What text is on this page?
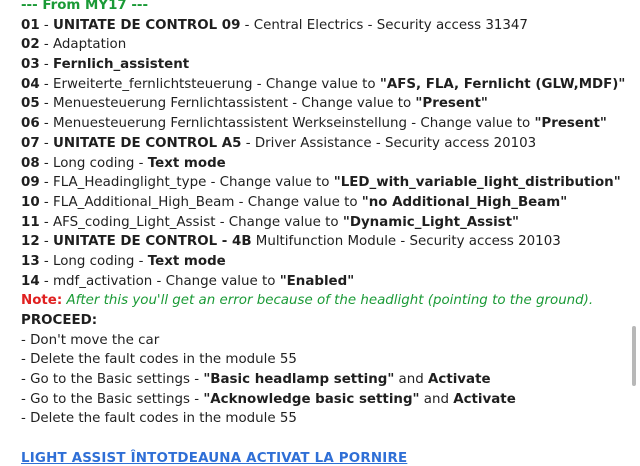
--- From MY17 ---
01 - UNITATE DE CONTROL 09 - Central Electrics - Security access 31347
02 - Adaptation
03 - Fernlich_assistent
04 - Erweiterte_fernlichtsteuerung - Change value to "AFS, FLA, Fernlicht (GLW,MDF)"
05 - Menuesteuerung Fernlichtassistent - Change value to "Present"
06 - Menuesteuerung Fernlichtassistent Werkseinstellung - Change value to "Present"
07 - UNITATE DE CONTROL A5 - Driver Assistance - Security access 20103
08 - Long coding - Text mode
09 - FLA_Headinglight_type - Change value to "LED_with_variable_light_distribution"
10 - FLA_Additional_High_Beam - Change value to "no Additional_High_Beam"
11 - AFS_coding_Light_Assist - Change value to "Dynamic_Light_Assist"
12 - UNITATE DE CONTROL - 4B Multifunction Module - Security access 20103
13 - Long coding - Text mode
14 - mdf_activation - Change value to "Enabled"
Note: After this you'll get an error because of the headlight (pointing to the ground).
PROCEED:
- Don't move the car
- Delete the fault codes in the module 55
- Go to the Basic settings - "Basic headlamp setting" and Activate
- Go to the Basic settings - "Acknowledge basic setting" and Activate
- Delete the fault codes in the module 55
LIGHT ASSIST ÎNTOTDEAUNA ACTIVAT LA PORNIRE
